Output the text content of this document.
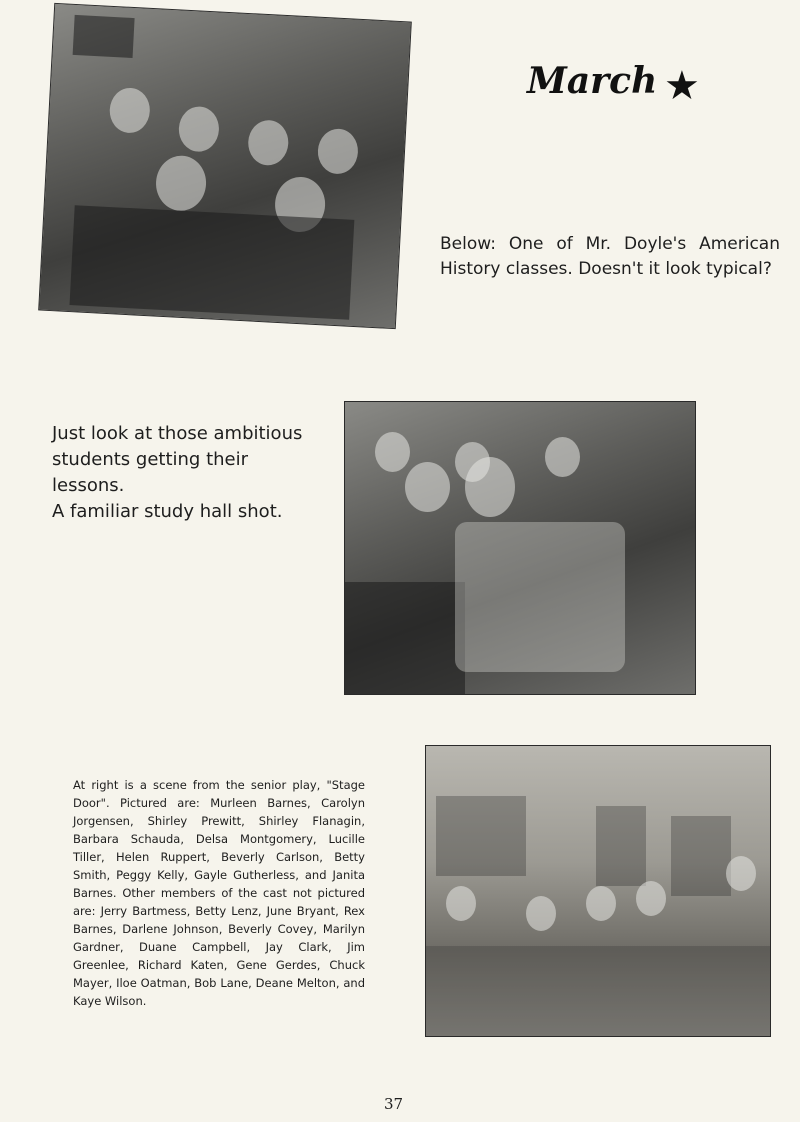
March ★
Below: One of Mr. Doyle's American History classes. Doesn't it look typical?
Just look at those ambitious
students getting their lessons.
A familiar study hall shot.
At right is a scene from the senior play, "Stage Door". Pictured are: Murleen Barnes, Carolyn Jorgensen, Shirley Prewitt, Shirley Flanagin, Barbara Schauda, Delsa Montgomery, Lucille Tiller, Helen Ruppert, Beverly Carlson, Betty Smith, Peggy Kelly, Gayle Gutherless, and Janita Barnes. Other members of the cast not pictured are: Jerry Bartmess, Betty Lenz, June Bryant, Rex Barnes, Darlene Johnson, Beverly Covey, Marilyn Gardner, Duane Campbell, Jay Clark, Jim Greenlee, Richard Katen, Gene Gerdes, Chuck Mayer, Iloe Oatman, Bob Lane, Deane Melton, and Kaye Wilson.
37
